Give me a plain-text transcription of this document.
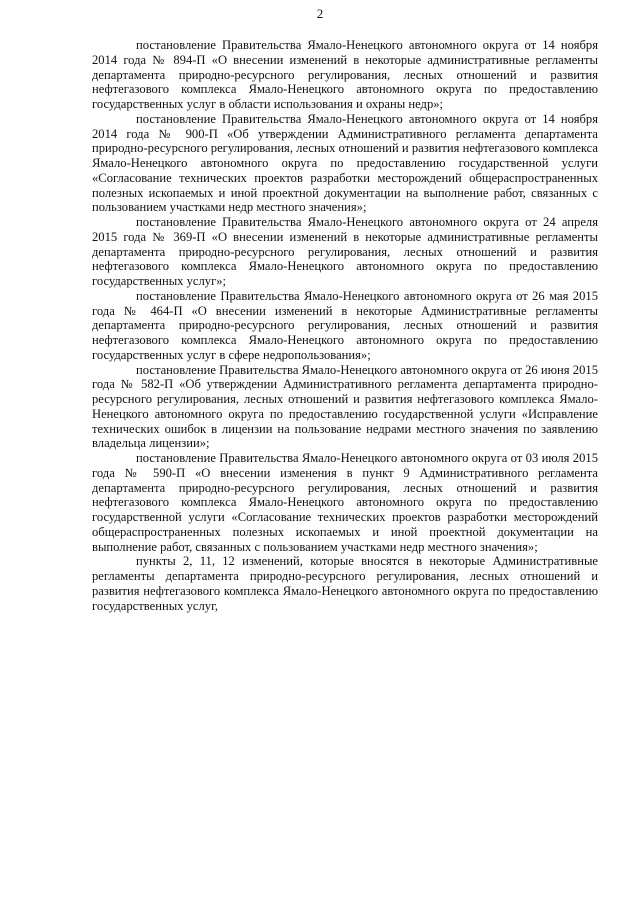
2

постановление Правительства Ямало-Ненецкого автономного округа от 14 ноября 2014 года № 894-П «О внесении изменений в некоторые административные регламенты департамента природно-ресурсного регулирования, лесных отношений и развития нефтегазового комплекса Ямало-Ненецкого автономного округа по предоставлению государственных услуг в области использования и охраны недр»;

постановление Правительства Ямало-Ненецкого автономного округа от 14 ноября 2014 года № 900-П «Об утверждении Административного регламента департамента природно-ресурсного регулирования, лесных отношений и развития нефтегазового комплекса Ямало-Ненецкого автономного округа по предоставлению государственной услуги «Согласование технических проектов разработки месторождений общераспространенных полезных ископаемых и иной проектной документации на выполнение работ, связанных с пользованием участками недр местного значения»;

постановление Правительства Ямало-Ненецкого автономного округа от 24 апреля 2015 года № 369-П «О внесении изменений в некоторые административные регламенты департамента природно-ресурсного регулирования, лесных отношений и развития нефтегазового комплекса Ямало-Ненецкого автономного округа по предоставлению государственных услуг»;

постановление Правительства Ямало-Ненецкого автономного округа от 26 мая 2015 года № 464-П «О внесении изменений в некоторые Административные регламенты департамента природно-ресурсного регулирования, лесных отношений и развития нефтегазового комплекса Ямало-Ненецкого автономного округа по предоставлению государственных услуг в сфере недропользования»;

постановление Правительства Ямало-Ненецкого автономного округа от 26 июня 2015 года № 582-П «Об утверждении Административного регламента департамента природно-ресурсного регулирования, лесных отношений и развития нефтегазового комплекса Ямало-Ненецкого автономного округа по предоставлению государственной услуги «Исправление технических ошибок в лицензии на пользование недрами местного значения по заявлению владельца лицензии»;

постановление Правительства Ямало-Ненецкого автономного округа от 03 июля 2015 года № 590-П «О внесении изменения в пункт 9 Административного регламента департамента природно-ресурсного регулирования, лесных отношений и развития нефтегазового комплекса Ямало-Ненецкого автономного округа по предоставлению государственной услуги «Согласование технических проектов разработки месторождений общераспространенных полезных ископаемых и иной проектной документации на выполнение работ, связанных с пользованием участками недр местного значения»;

пункты 2, 11, 12 изменений, которые вносятся в некоторые Административные регламенты департамента природно-ресурсного регулирования, лесных отношений и развития нефтегазового комплекса Ямало-Ненецкого автономного округа по предоставлению государственных услуг,
